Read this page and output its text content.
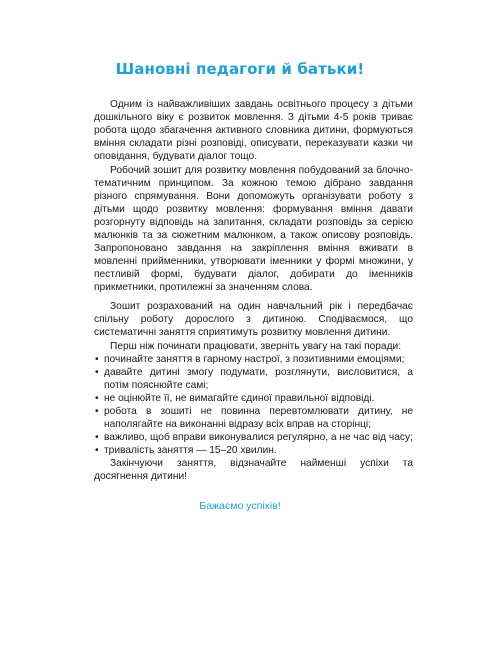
Шановні педагоги й батьки!

Одним із найважливіших завдань освітнього процесу з дітьми дошкільного віку є розвиток мовлення. З дітьми 4-5 років триває робота щодо збагачення активного словника дитини, формуються вміння складати різні розповіді, описувати, переказувати казки чи оповідання, будувати діалог тощо.

Робочий зошит для розвитку мовлення побудований за блочно-тематичним принципом. За кожною темою дібрано завдання різного спрямування. Вони допоможуть організувати роботу з дітьми щодо розвитку мовлення: формування вміння давати розгорнуту відповідь на запитання, складати розповідь за серією малюнків та за сюжетним малюнком, а також описову розповідь. Запропоновано завдання на закріплення вміння вживати в мовленні прийменники, утворювати іменники у формі множини, у пестливій формі, будувати діалог, добирати до іменників прикметники, протилежні за значенням слова.

Зошит розрахований на один навчальний рік і передбачає спільну роботу дорослого з дитиною. Сподіваємося, що систематичні заняття сприятимуть розвитку мовлення дитини.

Перш ніж починати працювати, зверніть увагу на такі поради:

• починайте заняття в гарному настрої, з позитивними емоціями;
• давайте дитині змогу подумати, розглянути, висловитися, а потім пояснюйте самі;
• не оцінюйте її, не вимагайте єдиної правильної відповіді.
• робота в зошиті не повинна перевтомлювати дитину, не наполягайте на виконанні відразу всіх вправ на сторінці;
• важливо, щоб вправи виконувалися регулярно, а не час від часу;
• тривалість заняття — 15–20 хвилин.

Закінчуючи заняття, відзначайте найменші успіхи та досягнення дитини!

Бажаємо успіхів!
